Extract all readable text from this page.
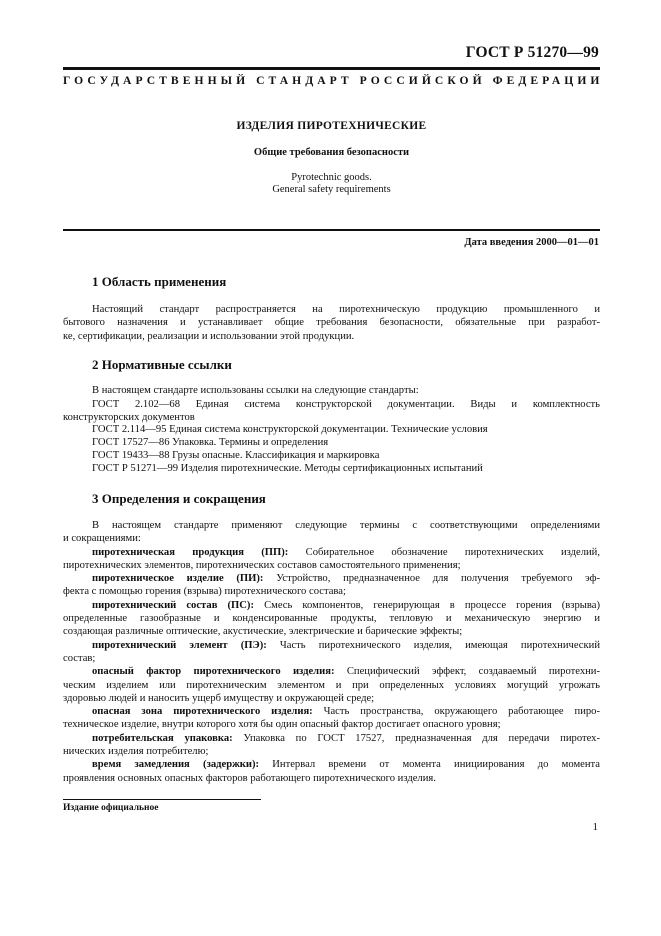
ГОСТ Р 51270—99
ГОСУДАРСТВЕННЫЙ СТАНДАРТ РОССИЙСКОЙ ФЕДЕРАЦИИ
ИЗДЕЛИЯ ПИРОТЕХНИЧЕСКИЕ
Общие требования безопасности
Pyrotechnic goods.
General safety requirements
Дата введения 2000—01—01
1 Область применения
Настоящий стандарт распространяется на пиротехническую продукцию промышленного и
бытового назначения и устанавливает общие требования безопасности, обязательные при разработ-
ке, сертификации, реализации и использовании этой продукции.
2 Нормативные ссылки
В настоящем стандарте использованы ссылки на следующие стандарты:
ГОСТ 2.102—68 Единая система конструкторской документации. Виды и комплектность
конструкторских документов
ГОСТ 2.114—95 Единая система конструкторской документации. Технические условия
ГОСТ 17527—86 Упаковка. Термины и определения
ГОСТ 19433—88 Грузы опасные. Классификация и маркировка
ГОСТ Р 51271—99 Изделия пиротехнические. Методы сертификационных испытаний
3 Определения и сокращения
В настоящем стандарте применяют следующие термины с соответствующими определениями
и сокращениями:
пиротехническая продукция (ПП): Собирательное обозначение пиротехнических изделий,
пиротехнических элементов, пиротехнических составов самостоятельного применения;
пиротехническое изделие (ПИ): Устройство, предназначенное для получения требуемого эф-
фекта с помощью горения (взрыва) пиротехнического состава;
пиротехнический состав (ПС): Смесь компонентов, генерирующая в процессе горения (взрыва)
определенные газообразные и конденсированные продукты, тепловую и механическую энергию и
создающая различные оптические, акустические, электрические и барические эффекты;
пиротехнический элемент (ПЭ): Часть пиротехнического изделия, имеющая пиротехнический
состав;
опасный фактор пиротехнического изделия: Специфический эффект, создаваемый пиротехни-
ческим изделием или пиротехническим элементом и при определенных условиях могущий угрожать
здоровью людей и наносить ущерб имуществу и окружающей среде;
опасная зона пиротехнического изделия: Часть пространства, окружающего работающее пиро-
техническое изделие, внутри которого хотя бы один опасный фактор достигает опасного уровня;
потребительская упаковка: Упаковка по ГОСТ 17527, предназначенная для передачи пиротех-
нических изделия потребителю;
время замедления (задержки): Интервал времени от момента инициирования до момента
проявления основных опасных факторов работающего пиротехнического изделия.
Издание официальное
1
